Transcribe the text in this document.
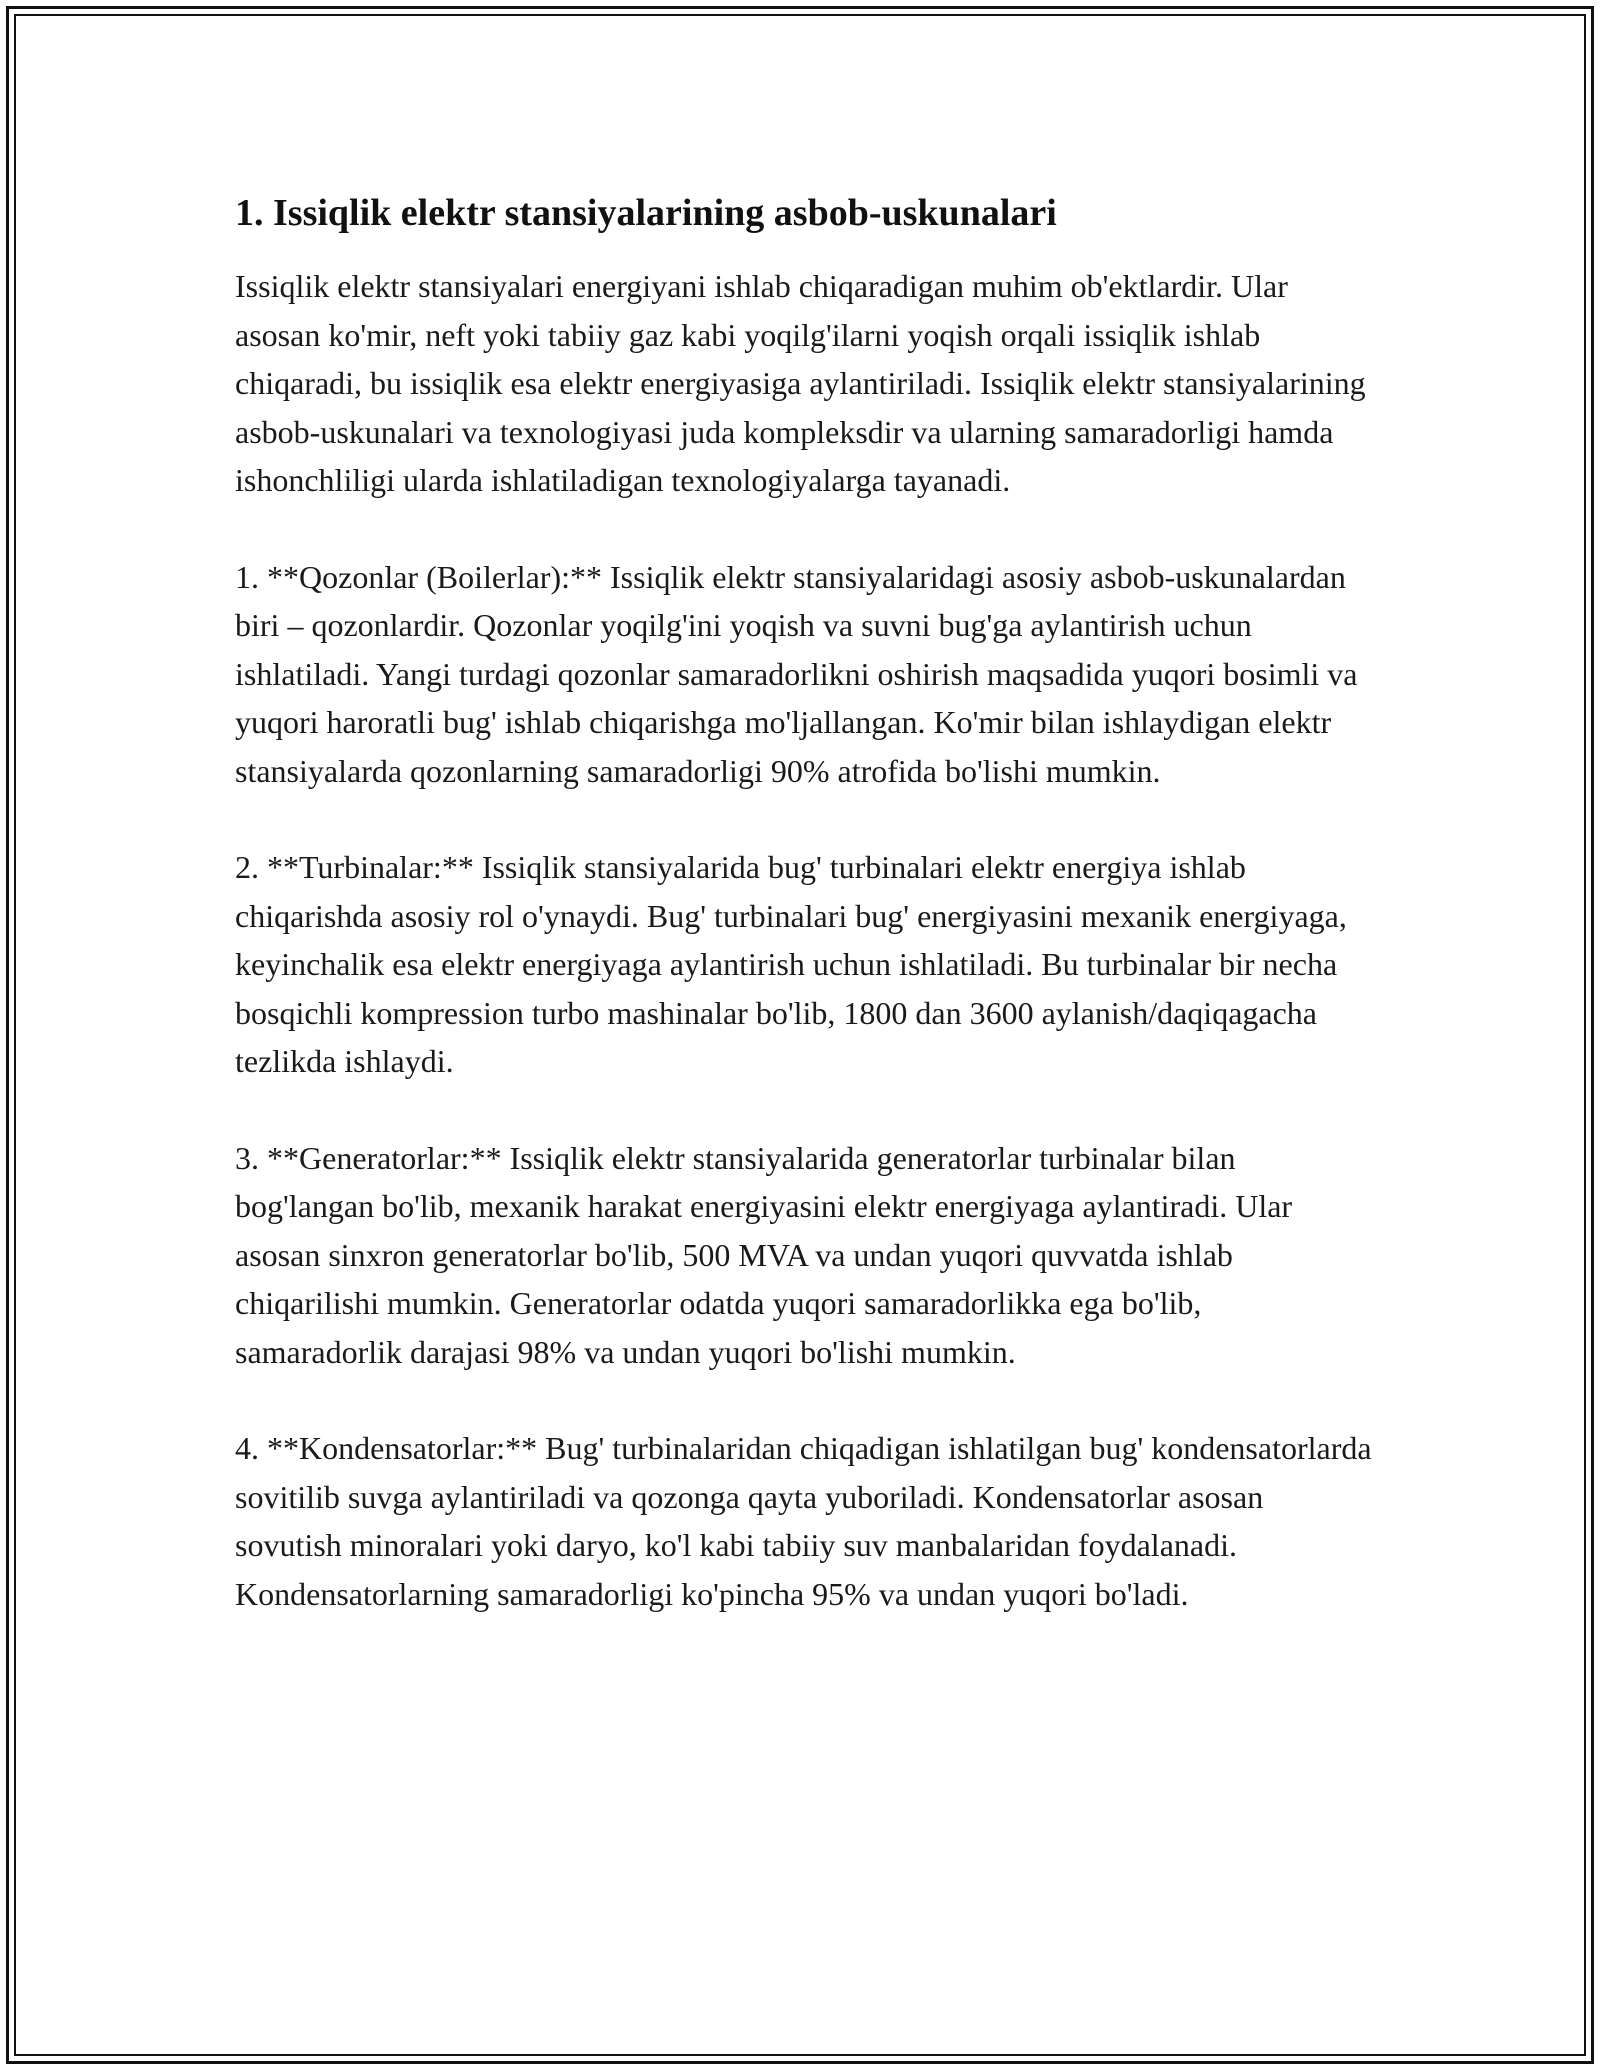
1. Issiqlik elektr stansiyalarining asbob-uskunalari

Issiqlik elektr stansiyalari energiyani ishlab chiqaradigan muhim ob'ektlardir. Ular asosan ko'mir, neft yoki tabiiy gaz kabi yoqilg'ilarni yoqish orqali issiqlik ishlab chiqaradi, bu issiqlik esa elektr energiyasiga aylantiriladi. Issiqlik elektr stansiyalarining asbob-uskunalari va texnologiyasi juda kompleksdir va ularning samaradorligi hamda ishonchliligi ularda ishlatiladigan texnologiyalarga tayanadi.

1. **Qozonlar (Boilerlar):** Issiqlik elektr stansiyalaridagi asosiy asbob-uskunalardan biri – qozonlardir. Qozonlar yoqilg'ini yoqish va suvni bug'ga aylantirish uchun ishlatiladi. Yangi turdagi qozonlar samaradorlikni oshirish maqsadida yuqori bosimli va yuqori haroratli bug' ishlab chiqarishga mo'ljallangan. Ko'mir bilan ishlaydigan elektr stansiyalarda qozonlarning samaradorligi 90% atrofida bo'lishi mumkin.

2. **Turbinalar:** Issiqlik stansiyalarida bug' turbinalari elektr energiya ishlab chiqarishda asosiy rol o'ynaydi. Bug' turbinalari bug' energiyasini mexanik energiyaga, keyinchalik esa elektr energiyaga aylantirish uchun ishlatiladi. Bu turbinalar bir necha bosqichli kompression turbo mashinalar bo'lib, 1800 dan 3600 aylanish/daqiqagacha tezlikda ishlaydi.

3. **Generatorlar:** Issiqlik elektr stansiyalarida generatorlar turbinalar bilan bog'langan bo'lib, mexanik harakat energiyasini elektr energiyaga aylantiradi. Ular asosan sinxron generatorlar bo'lib, 500 MVA va undan yuqori quvvatda ishlab chiqarilishi mumkin. Generatorlar odatda yuqori samaradorlikka ega bo'lib, samaradorlik darajasi 98% va undan yuqori bo'lishi mumkin.

4. **Kondensatorlar:** Bug' turbinalaridan chiqadigan ishlatilgan bug' kondensatorlarda sovitilib suvga aylantiriladi va qozonga qayta yuboriladi. Kondensatorlar asosan sovutish minoralari yoki daryo, ko'l kabi tabiiy suv manbalaridan foydalanadi. Kondensatorlarning samaradorligi ko'pincha 95% va undan yuqori bo'ladi.
